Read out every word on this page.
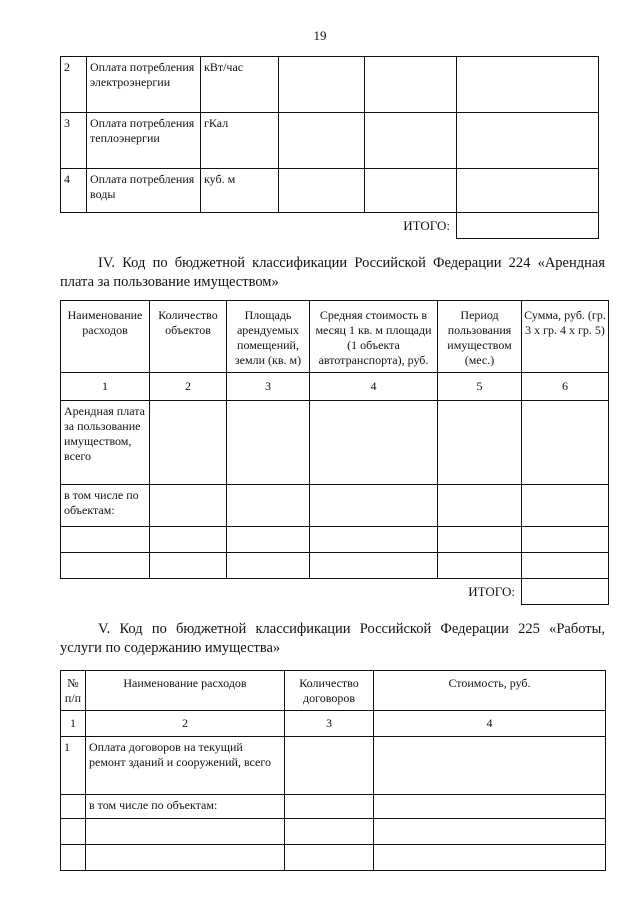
19
2	Оплата потребления электроэнергии	кВт/час			
3	Оплата потребления теплоэнергии	гКал			
4	Оплата потребления воды	куб. м			
				ИТОГО:	
IV. Код по бюджетной классификации Российской Федерации 224 «Арендная плата за пользование имуществом»
Наименование расходов	Количество объектов	Площадь арендуемых помещений, земли (кв. м)	Средняя стоимость в месяц 1 кв. м площади (1 объекта автотранспорта), руб.	Период пользования имуществом (мес.)	Сумма, руб. (гр. 3 х гр. 4 х гр. 5)
1	2	3	4	5	6
Арендная плата за пользование имуществом, всего					
в том числе по объектам:					

				ИТОГО:	
V. Код по бюджетной классификации Российской Федерации 225 «Работы, услуги по содержанию имущества»
№ п/п	Наименование расходов	Количество договоров	Стоимость, руб.
1	2	3	4
1	Оплата договоров на текущий ремонт зданий и сооружений, всего		
	в том числе по объектам:		
